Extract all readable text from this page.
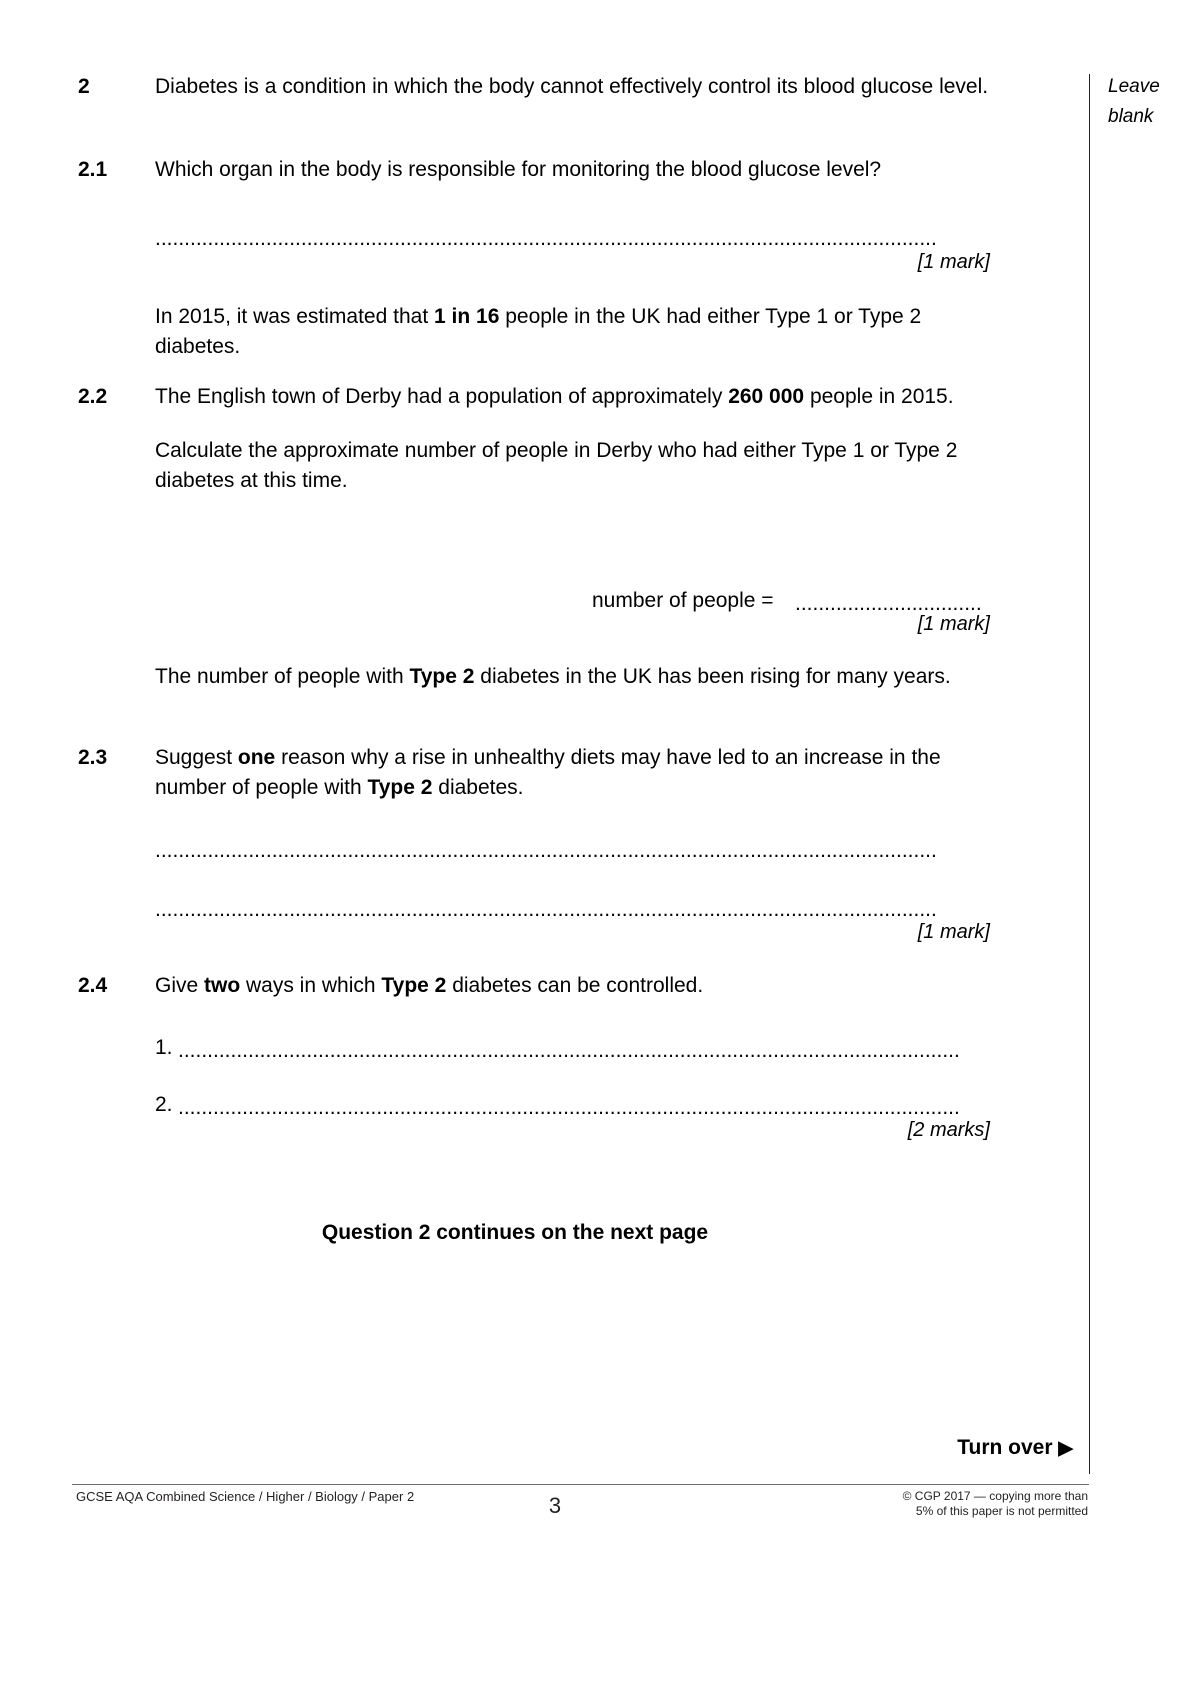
Leave
blank
2	Diabetes is a condition in which the body cannot effectively control its blood glucose level.
2.1 Which organ in the body is responsible for monitoring the blood glucose level?
......................................................................................................................................
[1 mark]
In 2015, it was estimated that 1 in 16 people in the UK had either Type 1 or Type 2 diabetes.
2.2 The English town of Derby had a population of approximately 260 000 people in 2015.
Calculate the approximate number of people in Derby who had either Type 1 or Type 2 diabetes at this time.
number of people = ................................
[1 mark]
The number of people with Type 2 diabetes in the UK has been rising for many years.
2.3 Suggest one reason why a rise in unhealthy diets may have led to an increase in the number of people with Type 2 diabetes.
......................................................................................................................................
......................................................................................................................................
[1 mark]
2.4 Give two ways in which Type 2 diabetes can be controlled.
1. ......................................................................................................................................
2. ......................................................................................................................................
[2 marks]
Question 2 continues on the next page
Turn over ▶
GCSE AQA Combined Science / Higher / Biology / Paper 2	3	© CGP 2017 — copying more than
5% of this paper is not permitted
